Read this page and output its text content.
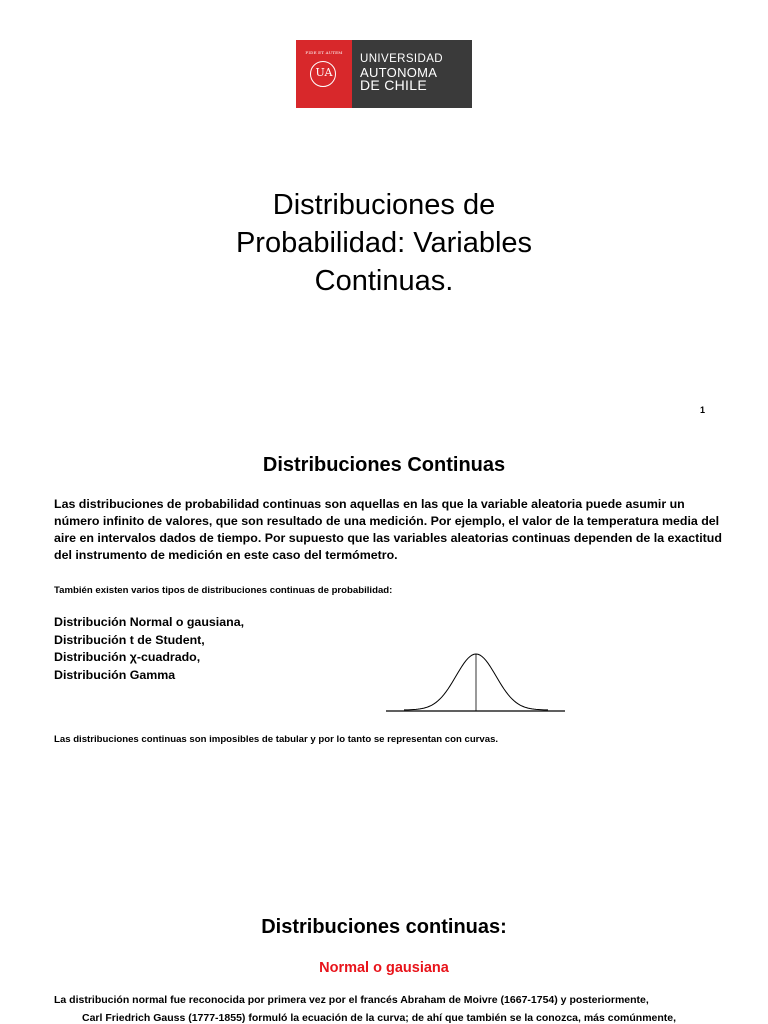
FIDE ET AUTEM
UA
UNIVERSIDAD
AUTONOMA
DE CHILE
Distribuciones de
Probabilidad: Variables
Continuas.
1
Distribuciones Continuas
Las distribuciones de probabilidad continuas son aquellas en las que la variable aleatoria puede asumir un número infinito de valores, que son resultado de una medición. Por ejemplo, el valor de la temperatura media del aire en intervalos dados de tiempo. Por supuesto que las variables aleatorias continuas dependen de la exactitud del instrumento de medición en este caso del termómetro.
También existen varios tipos de distribuciones continuas de probabilidad:
Distribución Normal o gausiana,
Distribución t de Student,
Distribución χ-cuadrado,
Distribución Gamma
Las distribuciones continuas son imposibles de tabular y por lo tanto se representan con curvas.
Distribuciones continuas:
Normal o gausiana
La distribución normal fue reconocida por primera vez por el francés Abraham de Moivre (1667-1754) y posteriormente,
Carl Friedrich Gauss (1777-1855) formuló la ecuación de la curva; de ahí que también se la conozca, más comúnmente,
